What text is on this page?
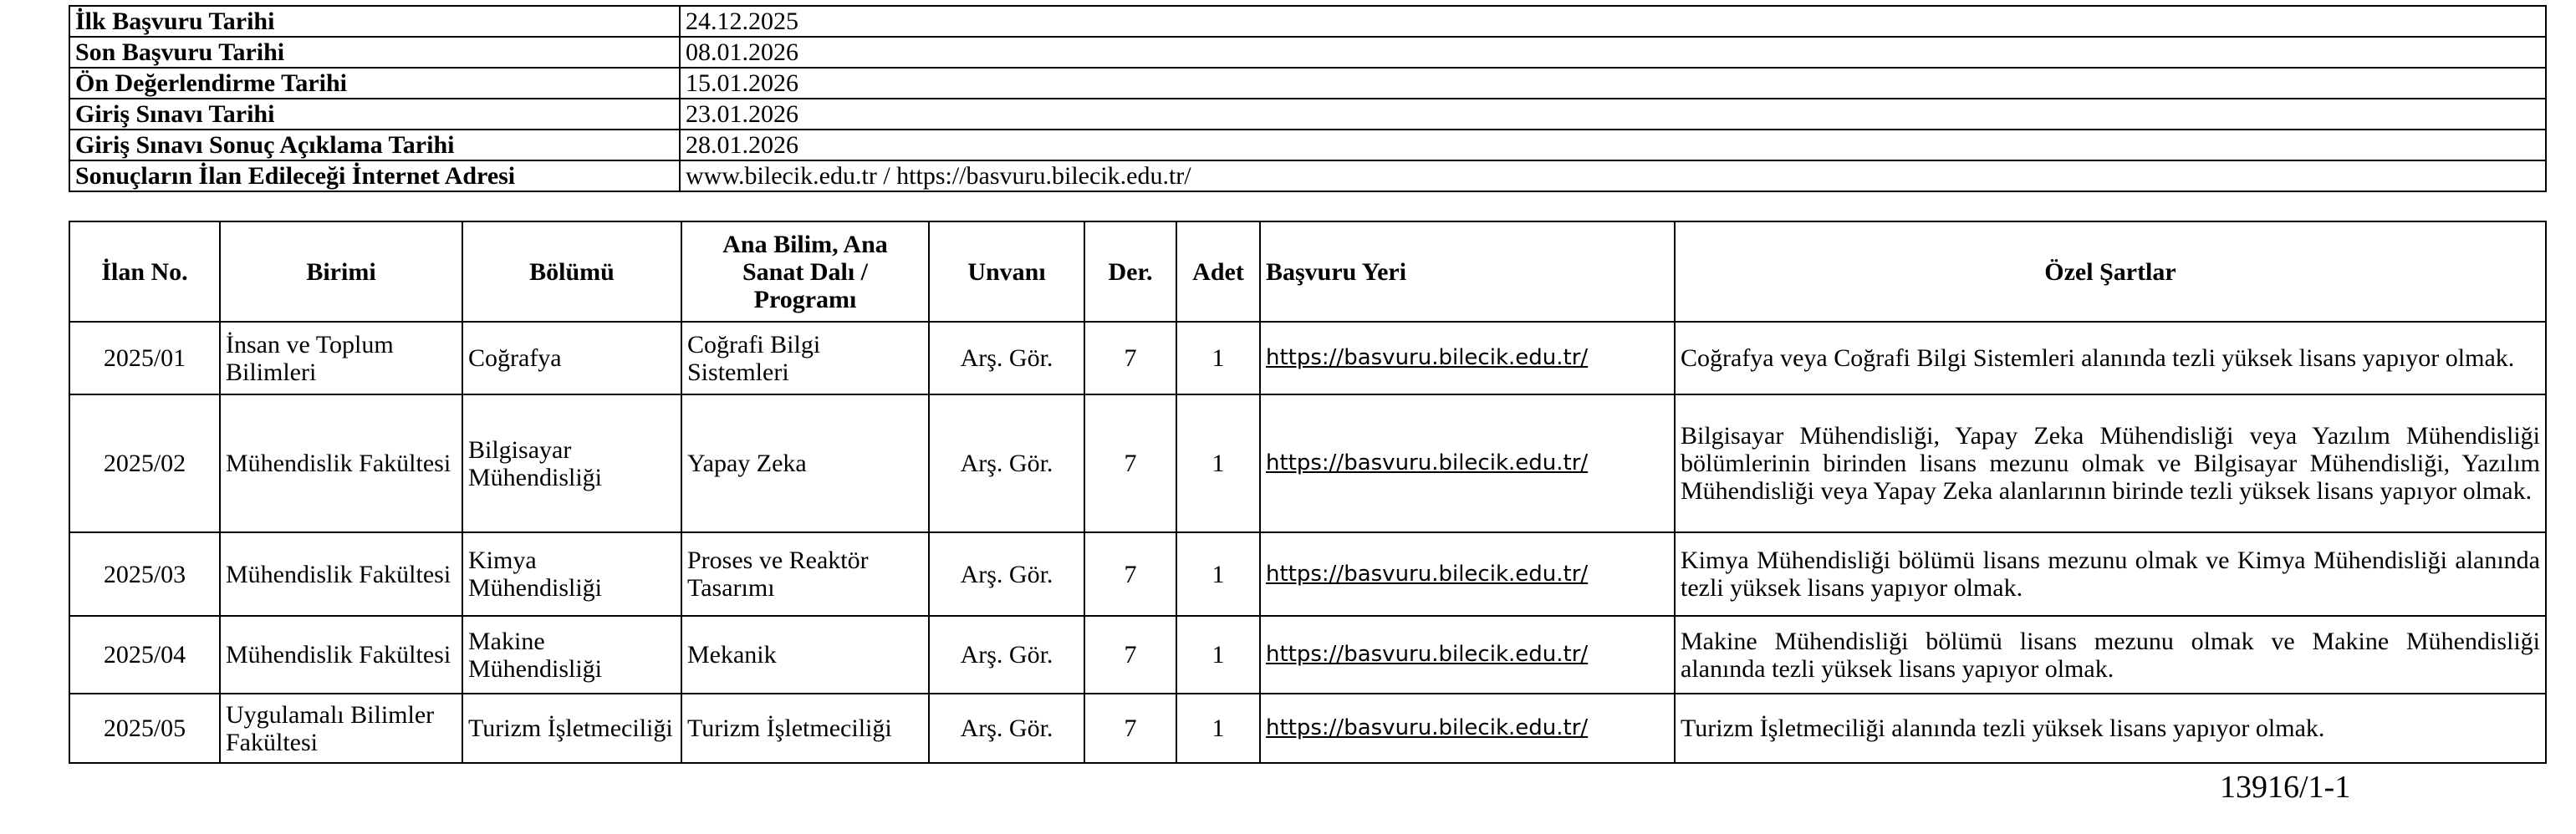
İlk Başvuru Tarihi	24.12.2025
Son Başvuru Tarihi	08.01.2026
Ön Değerlendirme Tarihi	15.01.2026
Giriş Sınavı Tarihi	23.01.2026
Giriş Sınavı Sonuç Açıklama Tarihi	28.01.2026
Sonuçların İlan Edileceği İnternet Adresi	www.bilecik.edu.tr / https://basvuru.bilecik.edu.tr/
İlan No.	Birimi	Bölümü	Ana Bilim, Ana
Sanat Dalı /
Programı	Unvanı	Der.	Adet	Başvuru Yeri	Özel Şartlar
2025/01	İnsan ve Toplum Bilimleri	Coğrafya	Coğrafi Bilgi Sistemleri	Arş. Gör.	7	1	https://basvuru.bilecik.edu.tr/	Coğrafya veya Coğrafi Bilgi Sistemleri alanında tezli yüksek lisans yapıyor olmak.
2025/02	Mühendislik Fakültesi	Bilgisayar Mühendisliği	Yapay Zeka	Arş. Gör.	7	1	https://basvuru.bilecik.edu.tr/	Bilgisayar Mühendisliği, Yapay Zeka Mühendisliği veya Yazılım Mühendisliği bölümlerinin birinden lisans mezunu olmak ve Bilgisayar Mühendisliği, Yazılım Mühendisliği veya Yapay Zeka alanlarının birinde tezli yüksek lisans yapıyor olmak.
2025/03	Mühendislik Fakültesi	Kimya Mühendisliği	Proses ve Reaktör Tasarımı	Arş. Gör.	7	1	https://basvuru.bilecik.edu.tr/	Kimya Mühendisliği bölümü lisans mezunu olmak ve Kimya Mühendisliği alanında tezli yüksek lisans yapıyor olmak.
2025/04	Mühendislik Fakültesi	Makine Mühendisliği	Mekanik	Arş. Gör.	7	1	https://basvuru.bilecik.edu.tr/	Makine Mühendisliği bölümü lisans mezunu olmak ve Makine Mühendisliği alanında tezli yüksek lisans yapıyor olmak.
2025/05	Uygulamalı Bilimler Fakültesi	Turizm İşletmeciliği	Turizm İşletmeciliği	Arş. Gör.	7	1	https://basvuru.bilecik.edu.tr/	Turizm İşletmeciliği alanında tezli yüksek lisans yapıyor olmak.
13916/1-1
